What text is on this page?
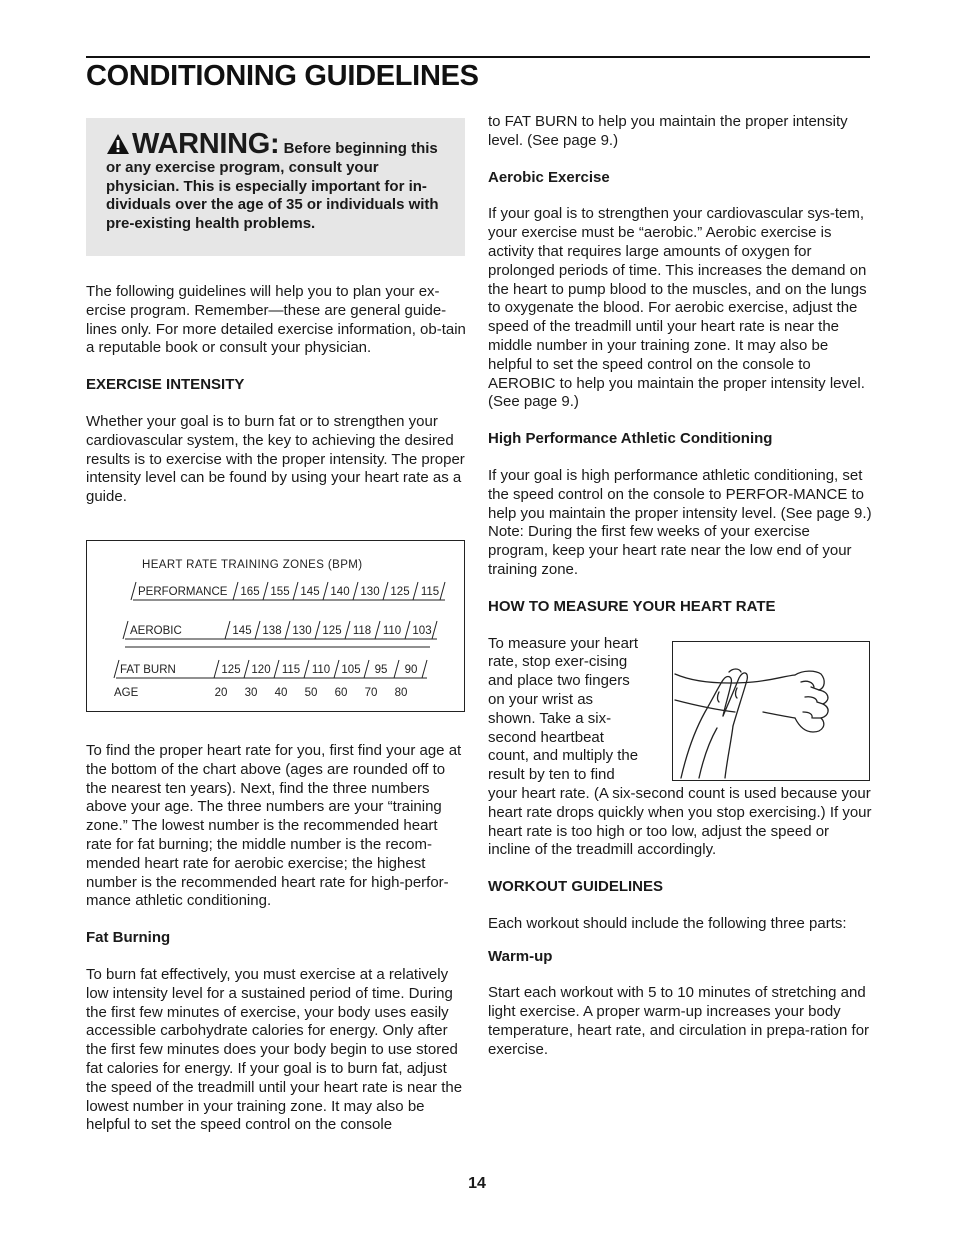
CONDITIONING GUIDELINES
WARNING: Before beginning this or any exercise program, consult your physician. This is especially important for in-dividuals over the age of 35 or individuals with pre-existing health problems.

The following guidelines will help you to plan your ex-ercise program. Remember—these are general guide-lines only. For more detailed exercise information, ob-tain a reputable book or consult your physician.

EXERCISE INTENSITY

Whether your goal is to burn fat or to strengthen your cardiovascular system, the key to achieving the desired results is to exercise with the proper intensity. The proper intensity level can be found by using your heart rate as a guide.

HEART RATE TRAINING ZONES (BPM)
PERFORMANCE 165 155 145 140 130 125 115
AEROBIC	145 138 130 125 118 110 103
FAT BURN	125 120 115 110 105 95 90
AGE	20 30 40 50 60 70 80

To find the proper heart rate for you, first find your age at the bottom of the chart above (ages are rounded off to the nearest ten years). Next, find the three numbers above your age. The three numbers are your “training zone.” The lowest number is the recommended heart rate for fat burning; the middle number is the recom-mended heart rate for aerobic exercise; the highest number is the recommended heart rate for high-perfor-mance athletic conditioning.

Fat Burning

To burn fat effectively, you must exercise at a relatively low intensity level for a sustained period of time. During the first few minutes of exercise, your body uses easily accessible carbohydrate calories for energy. Only after the first few minutes does your body begin to use stored fat calories for energy. If your goal is to burn fat, adjust the speed of the treadmill until your heart rate is near the lowest number in your training zone. It may also be helpful to set the speed control on the console

to FAT BURN to help you maintain the proper intensity level. (See page 9.)

Aerobic Exercise

If your goal is to strengthen your cardiovascular sys-tem, your exercise must be “aerobic.” Aerobic exercise is activity that requires large amounts of oxygen for prolonged periods of time. This increases the demand on the heart to pump blood to the muscles, and on the lungs to oxygenate the blood. For aerobic exercise, adjust the speed of the treadmill until your heart rate is near the middle number in your training zone. It may also be helpful to set the speed control on the console to AEROBIC to help you maintain the proper intensity level. (See page 9.)

High Performance Athletic Conditioning

If your goal is high performance athletic conditioning, set the speed control on the console to PERFOR-MANCE to help you maintain the proper intensity level. (See page 9.) Note: During the first few weeks of your exercise program, keep your heart rate near the low end of your training zone.

HOW TO MEASURE YOUR HEART RATE

To measure your heart rate, stop exer-cising and place two fingers on your wrist as shown. Take a six-second heartbeat count, and multiply the result by ten to find your heart rate. (A six-second count is used because your heart rate drops quickly when you stop exercising.) If your heart rate is too high or too low, adjust the speed or incline of the treadmill accordingly.

WORKOUT GUIDELINES

Each workout should include the following three parts:

Warm-up

Start each workout with 5 to 10 minutes of stretching and light exercise. A proper warm-up increases your body temperature, heart rate, and circulation in prepa-ration for exercise.

14
